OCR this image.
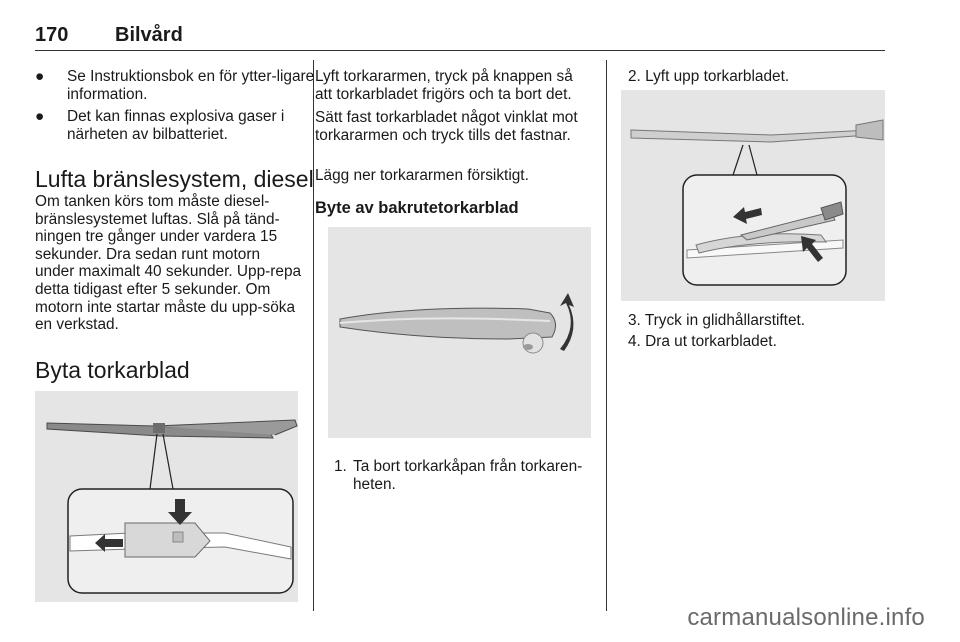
170 Bilvård
● Se Instruktionsbok en för ytter-ligare information.
● Det kan finnas explosiva gaser i närheten av bilbatteriet.
Lufta bränslesystem, diesel
Om tanken körs tom måste diesel-bränslesystemet luftas. Slå på tänd-ningen tre gånger under vardera 15 sekunder. Dra sedan runt motorn under maximalt 40 sekunder. Upp-repa detta tidigast efter 5 sekunder. Om motorn inte startar måste du upp-söka en verkstad.
Byta torkarblad
Lyft torkararmen, tryck på knappen så att torkarbladet frigörs och ta bort det.
Sätt fast torkarbladet något vinklat mot torkararmen och tryck tills det fastnar.
Lägg ner torkararmen försiktigt.
Byte av bakrutetorkarblad
1. Ta bort torkarkåpan från torkaren-heten.
2. Lyft upp torkarbladet.
3. Tryck in glidhållarstiftet.
4. Dra ut torkarbladet.
carmanualsonline.info
